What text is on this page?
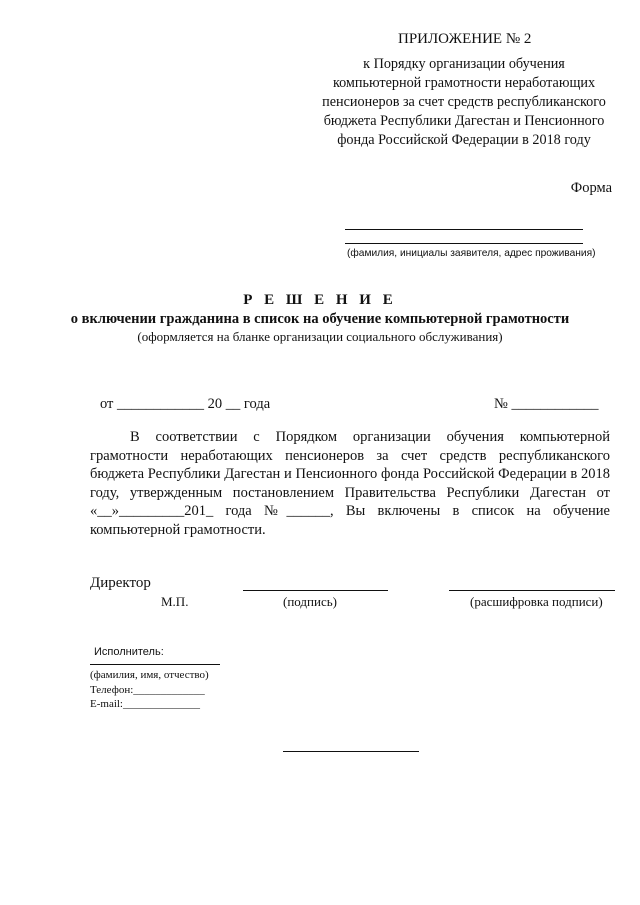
ПРИЛОЖЕНИЕ № 2
к Порядку организации обучения компьютерной грамотности неработающих пенсионеров за счет средств республиканского бюджета Республики Дагестан и Пенсионного фонда Российской Федерации в 2018 году
Форма
(фамилия, инициалы заявителя, адрес проживания)
Р Е Ш Е Н И Е
о включении гражданина в список на обучение компьютерной грамотности
(оформляется на бланке организации социального обслуживания)
от ____________ 20 __ года	№ ____________
В соответствии с Порядком организации обучения компьютерной грамотности неработающих пенсионеров за счет средств республиканского бюджета Республики Дагестан и Пенсионного фонда Российской Федерации в 2018 году, утвержденным постановлением Правительства Республики Дагестан от «__»_________201_ года №______, Вы включены в список на обучение компьютерной грамотности.
Директор
М.П.	(подпись)	(расшифровка подписи)
Исполнитель:
(фамилия, имя, отчество)
Телефон:_____________
E-mail:______________
